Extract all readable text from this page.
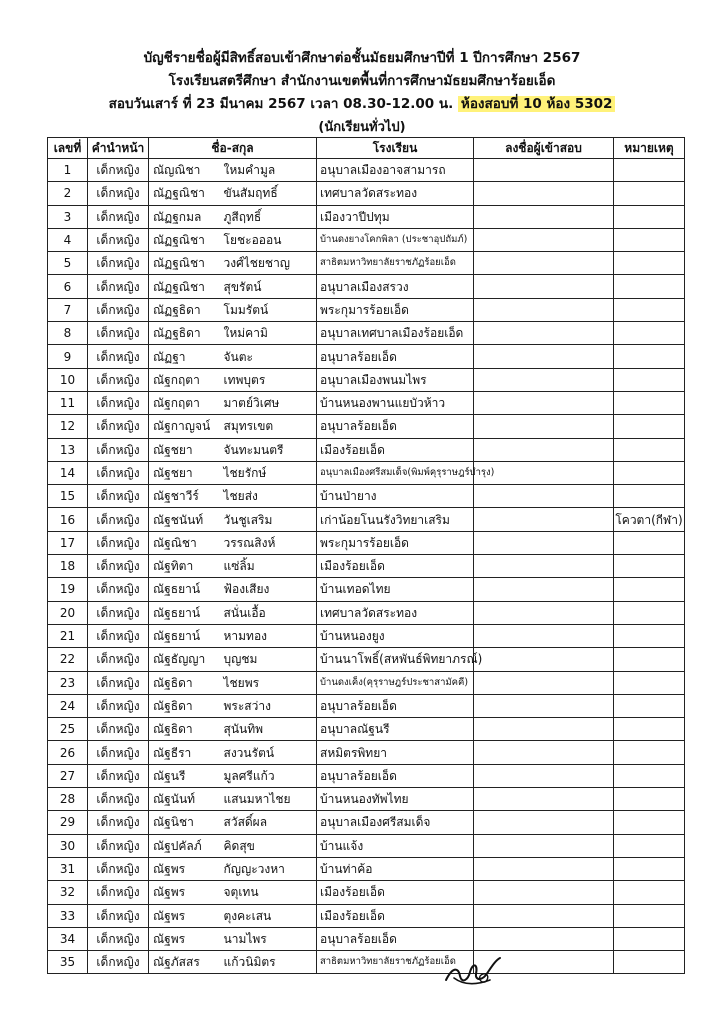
บัญชีรายชื่อผู้มีสิทธิ์สอบเข้าศึกษาต่อชั้นมัธยมศึกษาปีที่ 1 ปีการศึกษา 2567
โรงเรียนสตรีศึกษา สำนักงานเขตพื้นที่การศึกษามัธยมศึกษาร้อยเอ็ด
สอบวันเสาร์ ที่ 23 มีนาคม 2567 เวลา 08.30-12.00 น. ห้องสอบที่ 10 ห้อง 5302
(นักเรียนทั่วไป)
เลขที่	คำนำหน้า	ชื่อ-สกุล		โรงเรียน	ลงชื่อผู้เข้าสอบ	หมายเหตุ
1	เด็กหญิง	ณัญณิชา	ใหมคำมูล	อนุบาลเมืองอาจสามารถ		
2	เด็กหญิง	ณัฏฐณิชา	ขันสัมฤทธิ์	เทศบาลวัดสระทอง		
3	เด็กหญิง	ณัฏฐกมล	ภูสีฤทธิ์	เมืองวาปีปทุม		
4	เด็กหญิง	ณัฏฐณิชา	โยชะอออน	บ้านดงยางโคกพิลา (ประชาอุปถัมภ์)		
5	เด็กหญิง	ณัฏฐณิชา	วงศ์ไชยชาญ	สาธิตมหาวิทยาลัยราชภัฏร้อยเอ็ด		
6	เด็กหญิง	ณัฏฐณิชา	สุขรัตน์	อนุบาลเมืองสรวง		
7	เด็กหญิง	ณัฏฐธิดา	โมมรัตน์	พระกุมารร้อยเอ็ด		
8	เด็กหญิง	ณัฏฐธิดา	ใหม่คามิ	อนุบาลเทศบาลเมืองร้อยเอ็ด		
9	เด็กหญิง	ณัฏฐา	จันตะ	อนุบาลร้อยเอ็ด		
10	เด็กหญิง	ณัฐกฤตา	เทพบุตร	อนุบาลเมืองพนมไพร		
11	เด็กหญิง	ณัฐกฤตา	มาตย์วิเศษ	บ้านหนองพานแยบัวห้าว		
12	เด็กหญิง	ณัฐกาญจน์	สมุทรเขต	อนุบาลร้อยเอ็ด		
13	เด็กหญิง	ณัฐชยา	จันทะมนตรี	เมืองร้อยเอ็ด		
14	เด็กหญิง	ณัฐชยา	ไชยรักษ์	อนุบาลเมืองศรีสมเด็จ(พิมพ์คุรุราษฎร์บำรุง)		
15	เด็กหญิง	ณัฐชาวีร์	ไชยส่ง	บ้านป่ายาง		
16	เด็กหญิง	ณัฐชนันท์	วันชูเสริม	เก่าน้อยโนนรังวิทยาเสริม		โควตา(กีฬา)
17	เด็กหญิง	ณัฐณิชา	วรรณสิงห์	พระกุมารร้อยเอ็ด		
18	เด็กหญิง	ณัฐทิตา	แซ่ลิ้ม	เมืองร้อยเอ็ด		
19	เด็กหญิง	ณัฐธยาน์	ฟ้องเสียง	บ้านเทอดไทย		
20	เด็กหญิง	ณัฐธยาน์	สนั่นเอื้อ	เทศบาลวัดสระทอง		
21	เด็กหญิง	ณัฐธยาน์	หามทอง	บ้านหนองยูง		
22	เด็กหญิง	ณัฐธัญญา	บุญชม	บ้านนาโพธิ์(สหพันธ์พิทยาภรณ์)		
23	เด็กหญิง	ณัฐธิดา	ไชยพร	บ้านดงเค็ง(คุรุราษฎร์ประชาสามัคคี)		
24	เด็กหญิง	ณัฐธิดา	พระสว่าง	อนุบาลร้อยเอ็ด		
25	เด็กหญิง	ณัฐธิดา	สุนันทิพ	อนุบาลณัฐนรี		
26	เด็กหญิง	ณัฐธีรา	สงวนรัตน์	สหมิตรพิทยา		
27	เด็กหญิง	ณัฐนรี	มูลศรีแก้ว	อนุบาลร้อยเอ็ด		
28	เด็กหญิง	ณัฐนันท์	แสนมหาไชย	บ้านหนองทัพไทย		
29	เด็กหญิง	ณัฐนิชา	สวัสดิ์ผล	อนุบาลเมืองศรีสมเด็จ		
30	เด็กหญิง	ณัฐปคัลภ์	คิดสุข	บ้านแจ้ง		
31	เด็กหญิง	ณัฐพร	กัญญะวงหา	บ้านท่าค้อ		
32	เด็กหญิง	ณัฐพร	จตุเทน	เมืองร้อยเอ็ด		
33	เด็กหญิง	ณัฐพร	ตุงคะเสน	เมืองร้อยเอ็ด		
34	เด็กหญิง	ณัฐพร	นามไพร	อนุบาลร้อยเอ็ด		
35	เด็กหญิง	ณัฐภัสสร	แก้วนิมิตร	สาธิตมหาวิทยาลัยราชภัฏร้อยเอ็ด		
